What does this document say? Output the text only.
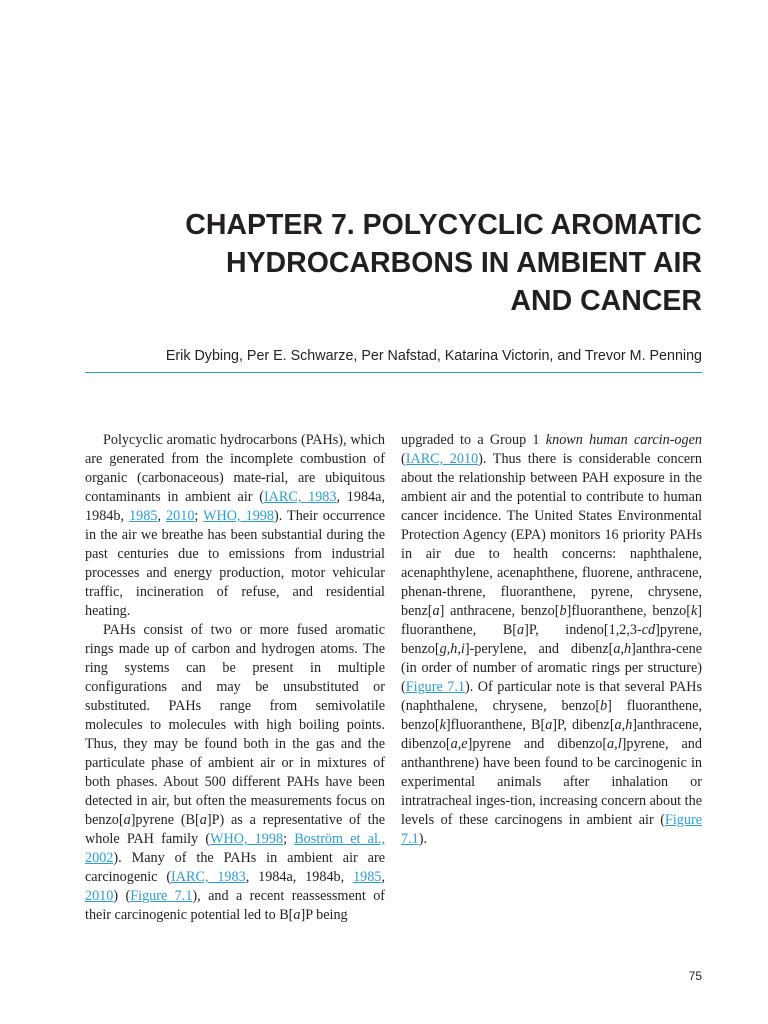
CHAPTER 7. POLYCYCLIC AROMATIC
HYDROCARBONS IN AMBIENT AIR
AND CANCER
Erik Dybing, Per E. Schwarze, Per Nafstad, Katarina Victorin, and Trevor M. Penning

Polycyclic aromatic hydrocarbons (PAHs), which are generated from the incomplete combustion of organic (carbonaceous) mate-rial, are ubiquitous contaminants in ambient air (IARC, 1983, 1984a, 1984b, 1985, 2010; WHO, 1998). Their occurrence in the air we breathe has been substantial during the past centuries due to emissions from industrial processes and energy production, motor vehicular traffic, incineration of refuse, and residential heating.

PAHs consist of two or more fused aromatic rings made up of carbon and hydrogen atoms. The ring systems can be present in multiple configurations and may be unsubstituted or substituted. PAHs range from semivolatile molecules to molecules with high boiling points. Thus, they may be found both in the gas and the particulate phase of ambient air or in mixtures of both phases. About 500 different PAHs have been detected in air, but often the measurements focus on benzo[a]pyrene (B[a]P) as a representative of the whole PAH family (WHO, 1998; Boström et al., 2002). Many of the PAHs in ambient air are carcinogenic (IARC, 1983, 1984a, 1984b, 1985, 2010) (Figure 7.1), and a recent reassessment of their carcinogenic potential led to B[a]P being

upgraded to a Group 1 known human carcin-ogen (IARC, 2010). Thus there is considerable concern about the relationship between PAH exposure in the ambient air and the potential to contribute to human cancer incidence. The United States Environmental Protection Agency (EPA) monitors 16 priority PAHs in air due to health concerns: naphthalene, acenaphthylene, acenaphthene, fluorene, anthracene, phenan-threne, fluoranthene, pyrene, chrysene, benz[a] anthracene, benzo[b]fluoranthene, benzo[k] fluoranthene, B[a]P, indeno[1,2,3-cd]pyrene, benzo[g,h,i]-perylene, and dibenz[a,h]anthra-cene (in order of number of aromatic rings per structure) (Figure 7.1). Of particular note is that several PAHs (naphthalene, chrysene, benzo[b] fluoranthene, benzo[k]fluoranthene, B[a]P, dibenz[a,h]anthracene, dibenzo[a,e]pyrene and dibenzo[a,l]pyrene, and anthanthrene) have been found to be carcinogenic in experimental animals after inhalation or intratracheal inges-tion, increasing concern about the levels of these carcinogens in ambient air (Figure 7.1).

75
